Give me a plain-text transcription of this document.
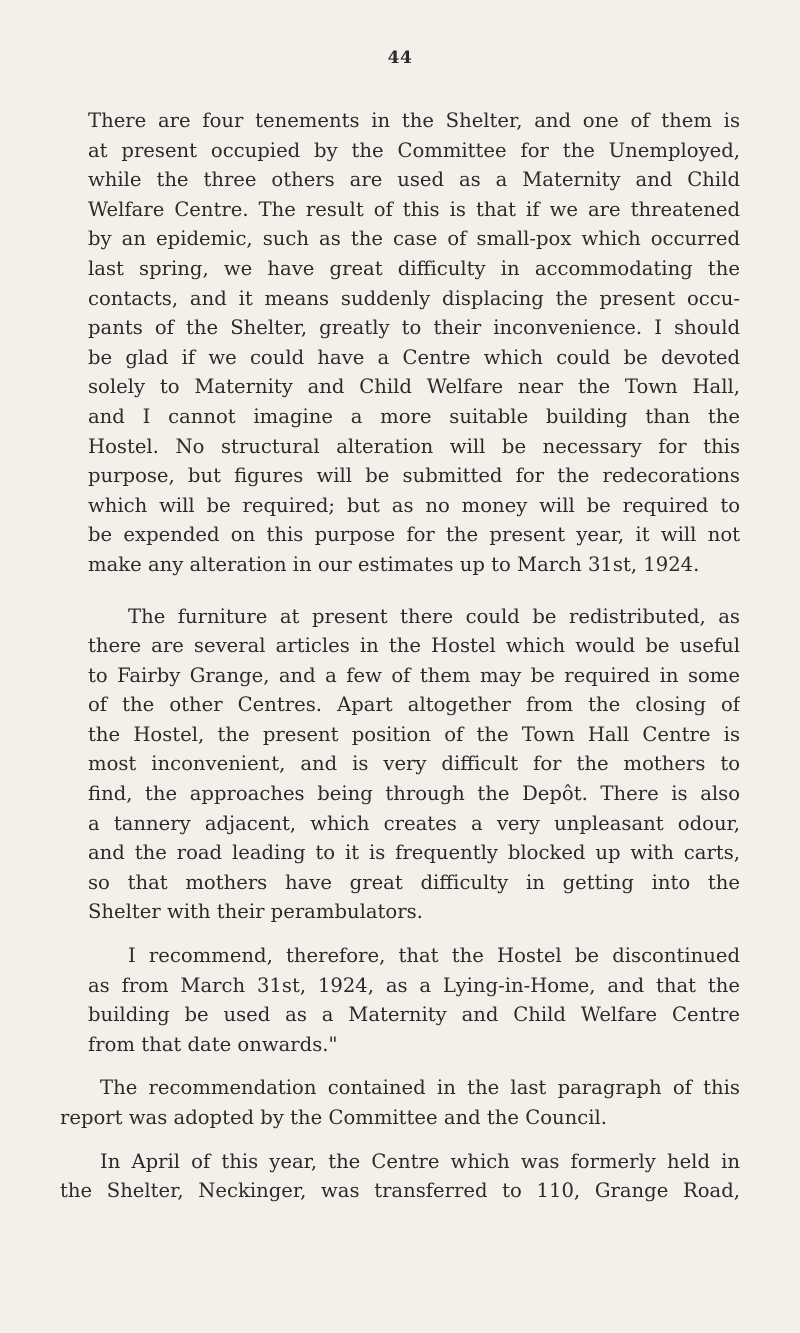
44

There are four tenements in the Shelter, and one of them is
at present occupied by the Committee for the Unemployed,
while the three others are used as a Maternity and Child
Welfare Centre. The result of this is that if we are threatened
by an epidemic, such as the case of small-pox which occurred
last spring, we have great difficulty in accommodating the
contacts, and it means suddenly displacing the present occu-
pants of the Shelter, greatly to their inconvenience. I should
be glad if we could have a Centre which could be devoted
solely to Maternity and Child Welfare near the Town Hall,
and I cannot imagine a more suitable building than the
Hostel. No structural alteration will be necessary for this
purpose, but figures will be submitted for the redecorations
which will be required; but as no money will be required to
be expended on this purpose for the present year, it will not
make any alteration in our estimates up to March 31st, 1924.

The furniture at present there could be redistributed, as
there are several articles in the Hostel which would be useful
to Fairby Grange, and a few of them may be required in some
of the other Centres. Apart altogether from the closing of
the Hostel, the present position of the Town Hall Centre is
most inconvenient, and is very difficult for the mothers to
find, the approaches being through the Depôt. There is also
a tannery adjacent, which creates a very unpleasant odour,
and the road leading to it is frequently blocked up with carts,
so that mothers have great difficulty in getting into the
Shelter with their perambulators.

I recommend, therefore, that the Hostel be discontinued
as from March 31st, 1924, as a Lying-in-Home, and that the
building be used as a Maternity and Child Welfare Centre
from that date onwards."

The recommendation contained in the last paragraph of this
report was adopted by the Committee and the Council.

In April of this year, the Centre which was formerly held in
the Shelter, Neckinger, was transferred to 110, Grange Road,
